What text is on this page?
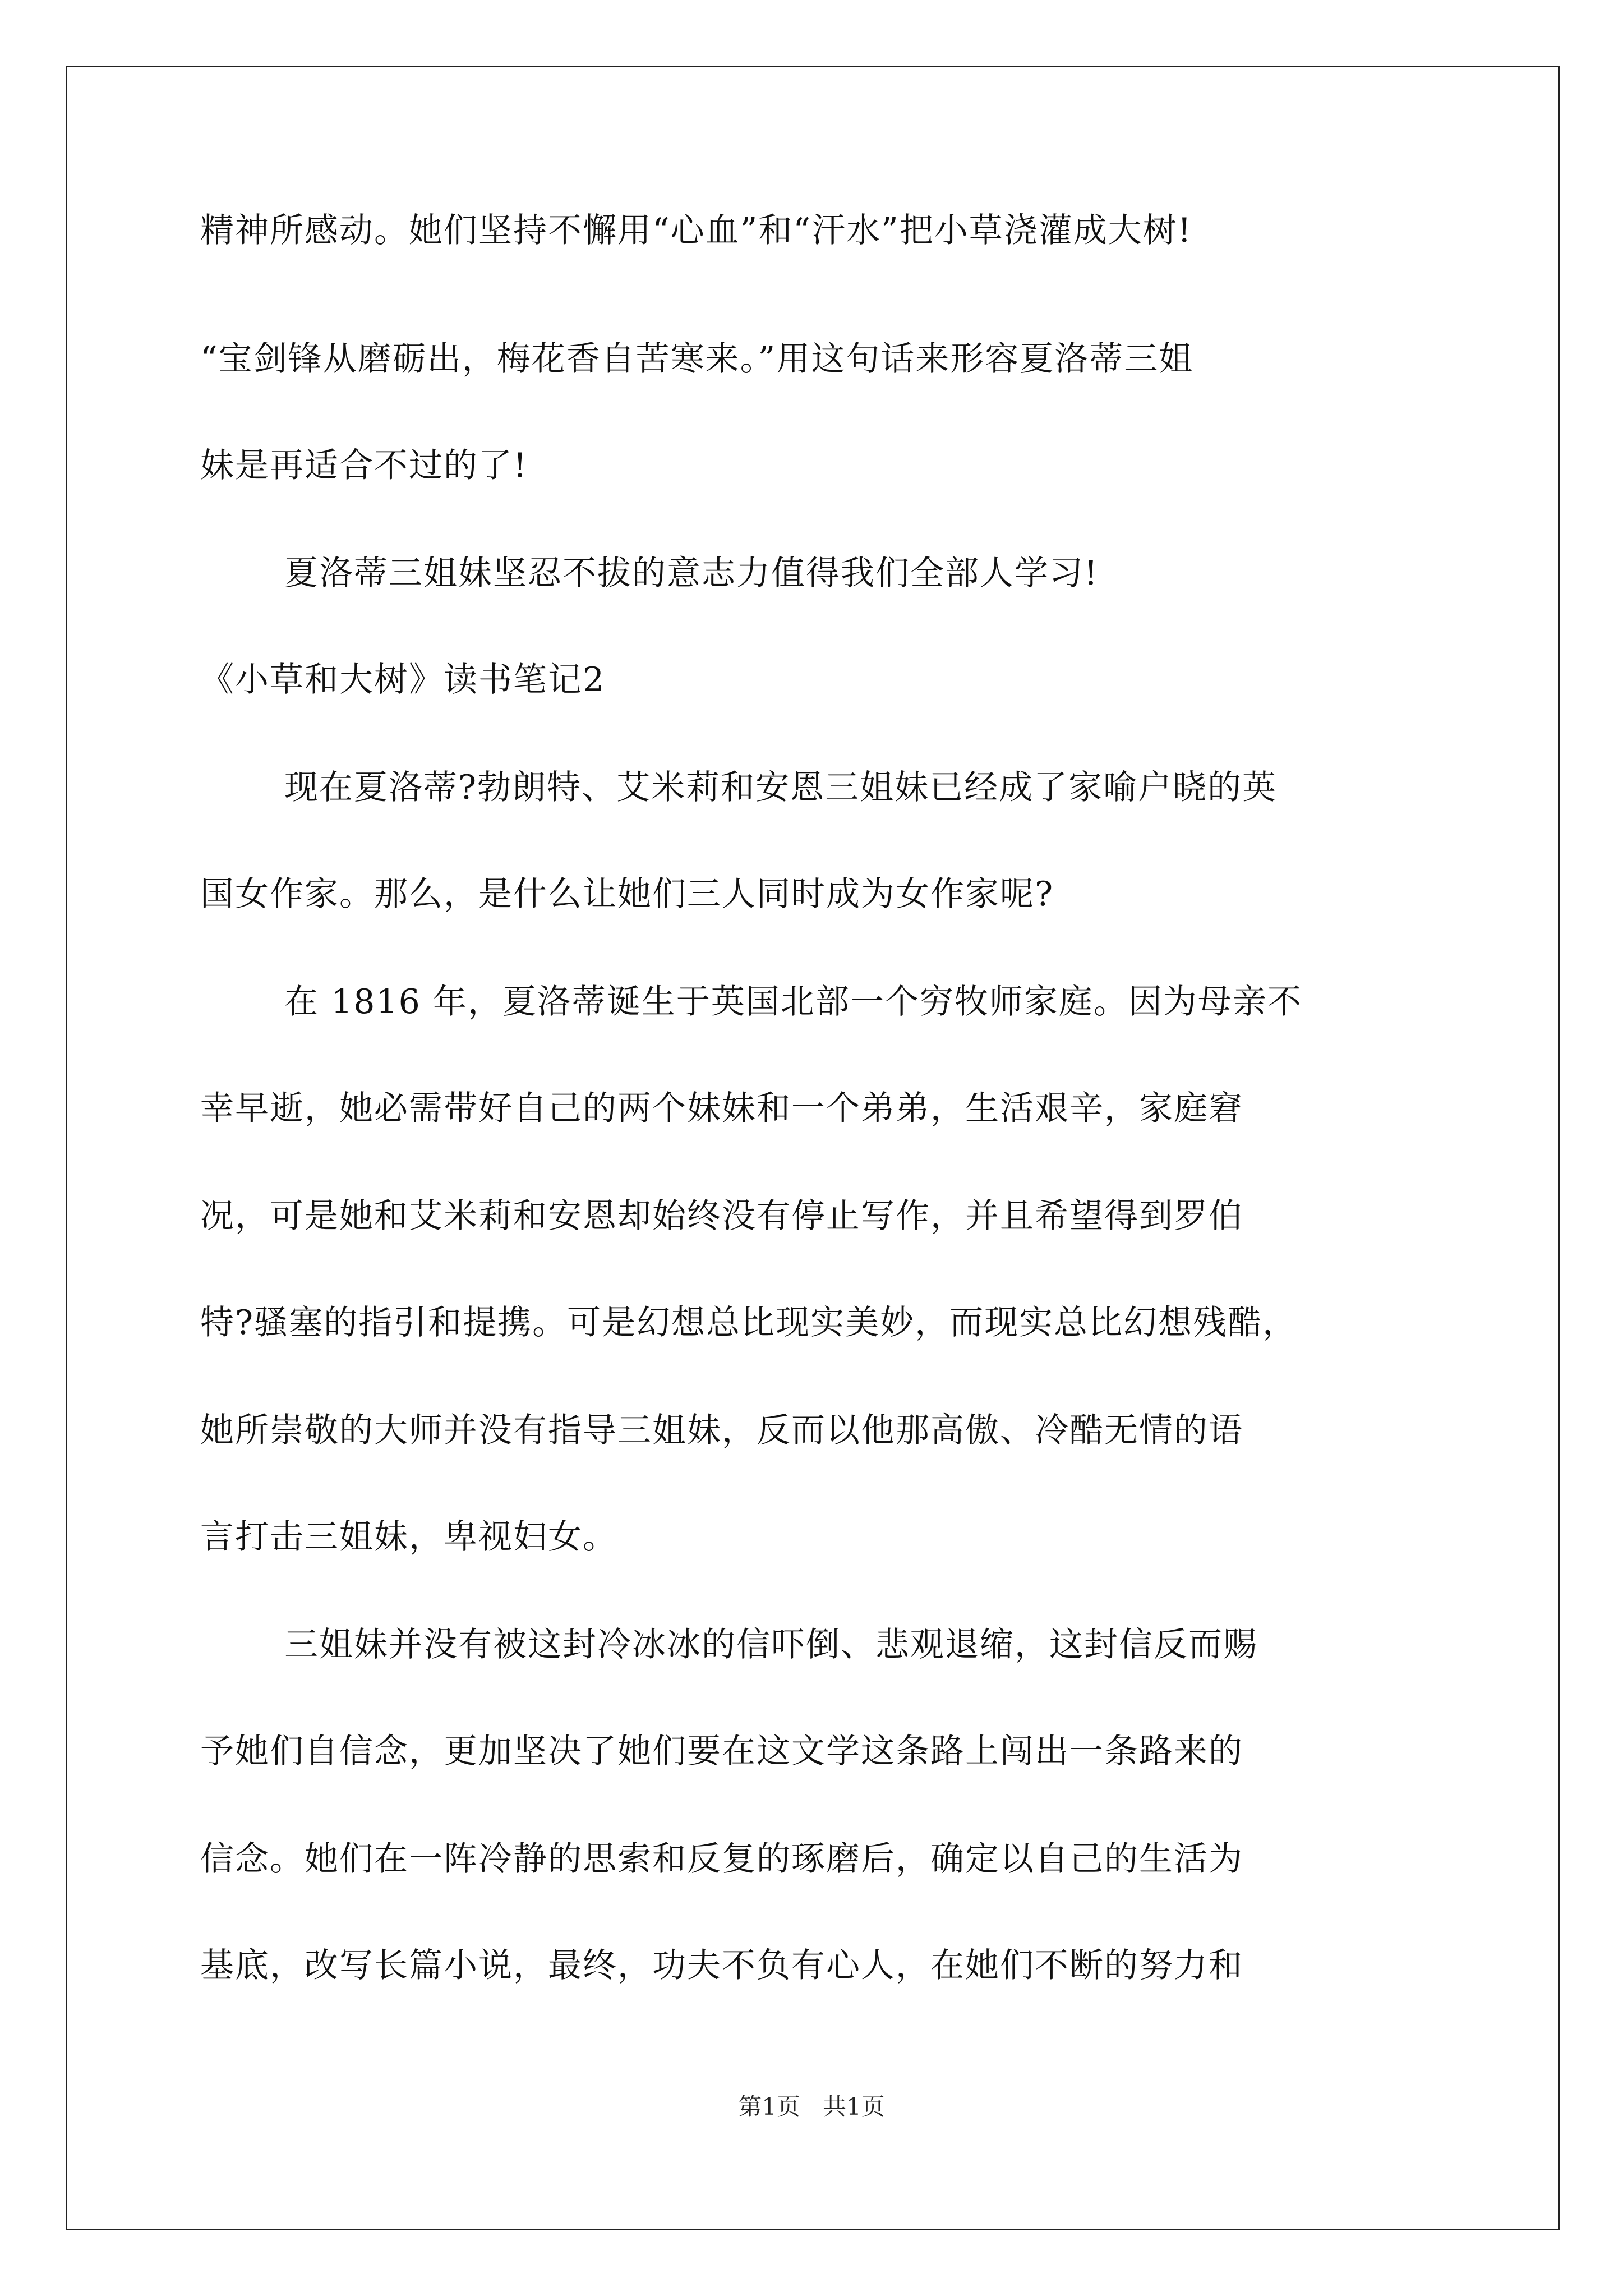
精神所感动。她们坚持不懈用“心血”和“汗水”把小草浇灌成大树!
“宝剑锋从磨砺出，梅花香自苦寒来。”用这句话来形容夏洛蒂三姐
妹是再适合不过的了!
夏洛蒂三姐妹坚忍不拔的意志力值得我们全部人学习!
《小草和大树》读书笔记2
现在夏洛蒂?勃朗特、艾米莉和安恩三姐妹已经成了家喻户晓的英
国女作家。那么，是什么让她们三人同时成为女作家呢?
在 1816 年，夏洛蒂诞生于英国北部一个穷牧师家庭。因为母亲不
幸早逝，她必需带好自己的两个妹妹和一个弟弟，生活艰辛，家庭窘
况，可是她和艾米莉和安恩却始终没有停止写作，并且希望得到罗伯
特?骚塞的指引和提携。可是幻想总比现实美妙，而现实总比幻想残酷，
她所崇敬的大师并没有指导三姐妹，反而以他那高傲、冷酷无情的语
言打击三姐妹，卑视妇女。
三姐妹并没有被这封冷冰冰的信吓倒、悲观退缩，这封信反而赐
予她们自信念，更加坚决了她们要在这文学这条路上闯出一条路来的
信念。她们在一阵冷静的思索和反复的琢磨后，确定以自己的生活为
基底，改写长篇小说，最终，功夫不负有心人，在她们不断的努力和
第1页   共1页
